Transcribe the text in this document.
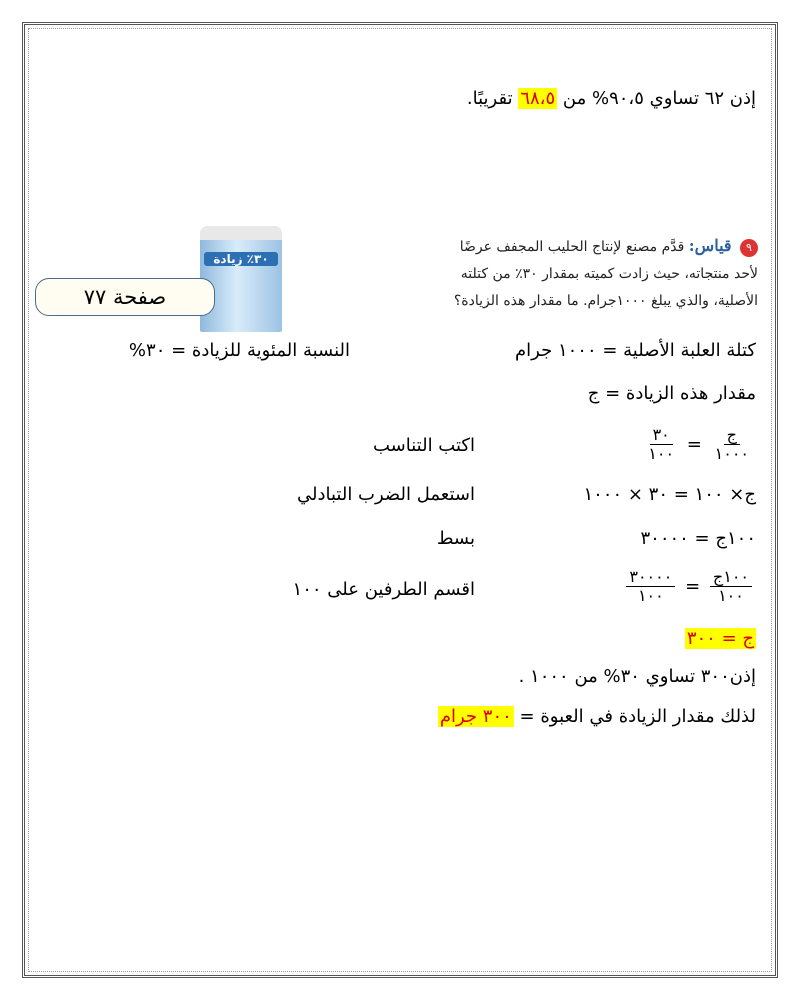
إذن ٦٢ تساوي ٩٠،٥% من ٦٨،٥ تقريبًا.
٩ قياس: قدَّم مصنع لإنتاج الحليب المجفف عرضًا
لأحد منتجاته، حيث زادت كميته بمقدار ٣٠٪ من كتلته
الأصلية، والذي يبلغ ١٠٠٠جرام. ما مقدار هذه الزيادة؟
٣٠٪ زيادة
صفحة ٧٧
كتلة العلبة الأصلية = ١٠٠٠ جرام
النسبة المئوية للزيادة = ٣٠%
مقدار هذه الزيادة = ج
$\frac{\text{ج}}{١٠٠٠}$
=
$\frac{٣٠}{١٠٠}$
اكتب التناسب
ج× ١٠٠ = ٣٠ × ١٠٠٠
استعمل الضرب التبادلي
١٠٠ج = ٣٠٠٠٠
بسط
$\frac{\text{١٠٠ج}}{١٠٠}$
=
$\frac{٣٠٠٠٠}{١٠٠}$
اقسم الطرفين على ١٠٠
ج = ٣٠٠
إذن٣٠٠ تساوي ٣٠% من ١٠٠٠ .
لذلك مقدار الزيادة في العبوة = ٣٠٠ جرام
